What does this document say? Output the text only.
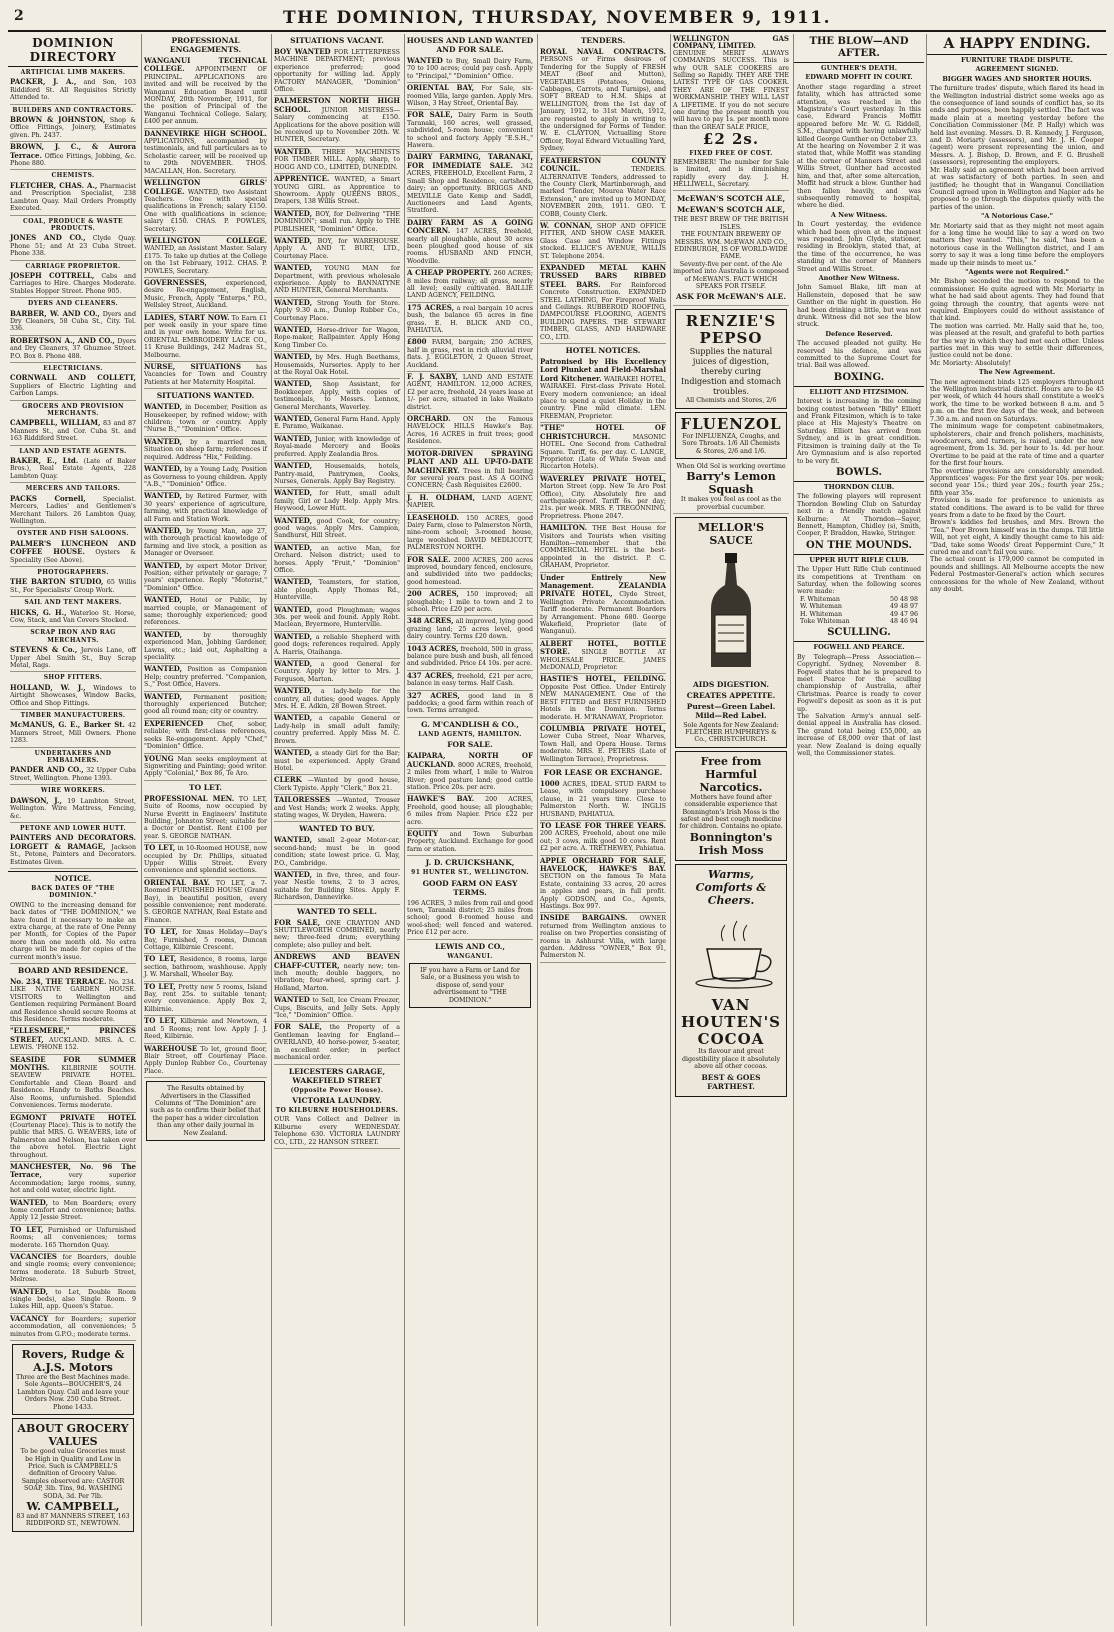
2	THE DOMINION, THURSDAY, NOVEMBER 9, 1911.
DOMINION DIRECTORY
ARTIFICIAL LIMB MAKERS.
PACKER, J. A., and Son, 103 Riddiford St. All Requisites Strictly Attended to.
BUILDERS AND CONTRACTORS.
BROWN & JOHNSTON, Shop & Office Fittings, Joinery, Estimates given. Ph. 2437.
BROWN, J. C., & Aurora Terrace. Office Fittings, Jobbing, &c. Phone 880.
CHEMISTS.
FLETCHER, CHAS. A., Pharmacist and Prescription Specialist, 238 Lambton Quay. Mail Orders Promptly Executed.
COAL, PRODUCE & WASTE PRODUCTS.
JONES AND CO., Clyde Quay. Phone 51; and At 23 Cuba Street. Phone 338.
CARRIAGE PROPRIETOR.
JOSEPH COTTRELL, Cabs and Carriages to Hire. Charges Moderate. Stables Hopper Street. Phone 905.
DYERS AND CLEANERS.
BARBER, W. AND CO., Dyers and Dry Cleaners, 58 Cuba St., City. Tel. 336.
ROBERTSON A., AND CO., Dyers and Dry Cleaners, 37 Ghuznee Street. P.O. Box 8. Phone 488.
ELECTRICIANS.
CORNWALL AND COLLETT, Suppliers of Electric Lighting and Carbon Lamps.
GROCERS AND PROVISION MERCHANTS.
CAMPBELL, WILLIAM, 83 and 87 Manners St., and Cor. Cuba St. and 163 Riddiford Street.
LAND AND ESTATE AGENTS.
BAKER, E., Ltd. (Late of Baker Bros.), Real Estate Agents, 228 Lambton Quay.
MERCERS AND TAILORS.
PACKS Cornell,	Specialist. Mercers, Ladies' and Gentlemen's Merchant Tailors. 26 Lambton Quay, Wellington.
OYSTER AND FISH SALOONS.
PALMER'S LUNCHEON AND COFFEE HOUSE. Oysters & Speciality (See Above).
PHOTOGRAPHERS.
THE BARTON STUDIO, 65 Willis St., For Specialists' Group Work.
SAIL AND TENT MAKERS.
HICKS, G. H., Waterloo St. Horse, Cow, Stack, and Van Covers Stocked.
SCRAP IRON AND RAG MERCHANTS.
STEVENS & Co., Jervois Lane, off Upper Abel Smith St., Buy Scrap Metal, Rags.
SHOP FITTERS.
HOLLAND, W. J., Windows to Airtight Showcases, Window Backs, Office and Shop Fittings.
TIMBER MANUFACTURERS.
McMANUS, G. E., Barker St. 42 Manners Street, Mill Owners. Phone 1283.
UNDERTAKERS AND EMBALMERS.
PANDER AND CO., 32 Upper Cuba Street, Wellington. Phone 1393.
WIRE WORKERS.
DAWSON, J., 19 Lambton Street, Wellington. Wire Mattress, Fencing, &c.
PETONE AND LOWER HUTT.
PAINTERS AND DECORATORS. LORGETT & RAMAGE, Jackson St., Petone, Painters and Decorators. Estimates Given.
NOTICE.
BACK DATES OF "THE DOMINION."
OWING to the increasing demand for back dates of "THE DOMINION," we have found it necessary to make an extra charge, at the rate of One Penny per Month, for Copies of the Paper more than one month old. No extra charge will be made for copies of the current month's issue.
BOARD AND RESIDENCE.
No. 234, THE TERRACE. No. 234. LIKE NATIVE GARDEN HOUSE. VISITORS to Wellington and Gentlemen requiring Permanent Board and Residence should secure Rooms at this Residence. Terms moderate.
"ELLESMERE," PRINCES STREET, AUCKLAND. MRS. A. C. LEWIS. 'PHONE 152.
SEASIDE FOR SUMMER MONTHS. KILBIRNIE SOUTH. SEAVIEW PRIVATE HOTEL. Comfortable and Clean Board and Residence. Handy to Baths Beaches. Also Rooms, unfurnished. Splendid Conveniences. Terms moderate.
EGMONT PRIVATE HOTEL (Courtenay Place). This is to notify the public that MRS. G. WEAVERS, late of Palmerston and Nelson, has taken over the above hotel. Electric Light throughout.
MANCHESTER, No. 96 The Terrace,	very superior Accommodation; large rooms, sunny, hot and cold water, electric light.
WANTED, to Men Boarders; every home comfort and convenience; baths. Apply 12 Jessie Street.
TO LET, Furnished or Unfurnished Rooms; all conveniences; terms moderate. 165 Thorndon Quay.
VACANCIES for Boarders, double and single rooms; every convenience; terms moderate. 18 Suburb Street, Melrose.
WANTED, to Let, Double Room (single beds), also Single Room. 9 Lukes Hill, app. Queen's Statue.
VACANCY for Boarders; superior accommodation, all conveniences; 5 minutes from G.P.O.; moderate terms.
Rovers, Rudge & A.J.S. Motors
Three are the Best Machines made. Sole Agents—BOUCHER'S, 24 Lambton Quay. Call and leave your Orders Now. 250 Cuba Street. Phone 1433.
ABOUT GROCERY VALUES
To be good value Groceries must be High in Quality and Low in Price. Such is CAMPBELL'S definition of Grocery Value. Samples observed are: CASTOR SOAP, 3lb. Tins, 9d. WASHING SODA, 3d. Per 7lb.
W. CAMPBELL,
83 and 87 MANNERS STREET, 163 RIDDIFORD ST., NEWTOWN.
PROFESSIONAL ENGAGEMENTS.
WANGANUI TECHNICAL COLLEGE. APPOINTMENT OF PRINCIPAL. APPLICATIONS are invited and will be received by the Wanganui Education Board until MONDAY, 20th November, 1911, for the position of Principal of the Wanganui Technical College. Salary, £400 per annum.
DANNEVIRKE HIGH SCHOOL. APPLICATIONS, accompanied by testimonials, and full particulars as to Scholastic career, will be received up to 29th NOVEMBER. THOS. MACALLAN, Hon. Secretary.
WELLINGTON GIRLS' COLLEGE. WANTED, two Assistant Teachers. One with special qualifications in French; salary £150. One with qualifications in science; salary £150. CHAS. P. POWLES, Secretary.
WELLINGTON COLLEGE. WANTED, an Assistant Master. Salary £175. To take up duties at the College on the 1st February, 1912. CHAS. P. POWLES, Secretary.
GOVERNESSES,	experienced, desire Re-engagement, English, Music, French, Apply "Enterps," P.O., Wellsley Street, Auckland.
LADIES, START NOW. To Earn £1 per week easily in your spare time and in your own home. Write for us. ORIENTAL EMBROIDERY LACE CO., 11 Kruse Buildings, 242 Madras St., Melbourne.
NURSE, SITUATIONS has Vacancies for Town and Country Patients at her Maternity Hospital.
SITUATIONS WANTED.
WANTED, in December, Position as Housekeeper, by refined widow; with children; town or country. Apply "Nurse B.," "Dominion" Office.
WANTED, by a married man, Situation on sheep farm; references if required. Address "Hix," Feilding.
WANTED, by a Young Lady, Position as Governess to young children. Apply "A.B.," "Dominion" Office.
WANTED, by Retired Farmer, with 30 years' experience of agriculture, farming, with practical knowledge of all Farm and Station Work.
WANTED, by Young Man, age 27, with thorough practical knowledge of farming and live stock, a position as Manager or Overseer.
WANTED, by expert Motor Driver, Position; either privately or garage; 7 years' experience. Reply "Motorist," "Dominion" Office.
WANTED, Hotel or Public, by married couple, or Management of same; thoroughly experienced; good references.
WANTED,	by thoroughly experienced Man, Jobbing Gardener, Lawns, etc.; laid out, Asphalting a speciality.
WANTED, Position as Companion Help; country preferred. "Companion, S.," Post Office, Havers.
WANTED, Permanent position; thoroughly experienced Butcher; good all round man; city or country.
EXPERIENCED Chef, sober, reliable; with first-class references, seeks Re-engagement. Apply "Chef," "Dominion" Office.
YOUNG Man seeks employment at Signwriting and Painting; good writer. Apply "Colonial," Box 86, Te Aro.
TO LET.
PROFESSIONAL MEN. TO LET, Suite of Rooms, now occupied by Nurse Everitt in Engineers' Institute Building, Johnston Street; suitable for a Doctor or Dentist. Rent £100 per year. S. GEORGE NATHAN.
TO LET, in 10-Roomed HOUSE, now occupied by Dr. Phillips, situated Upper Willis Street. Every convenience and splendid sections.
ORIENTAL BAY. TO LET, a 7-Roomed FURNISHED HOUSE (Grand Bay), in beautiful position, every possible convenience; rent moderate. S. GEORGE NATHAN, Real Estate and Finance.
TO LET, for Xmas Holiday—Day's Bay, Furnished, 5 rooms, Duncan Cottage, Kilbirnie Crescent.
TO LET, Residence, 8 rooms, large section, bathroom, washhouse. Apply J. W. Marshall, Wheeler Bay.
TO LET, Pretty new 5 rooms, Island Bay, rent 25s. to suitable tenant; every convenience. Apply Box 2, Kilbirnie.
TO LET, Kilbirnie and Newtown, 4 and 5 Rooms; rent low. Apply J. J. Reed, Kilbirnie.
WAREHOUSE To let, ground floor, Blair Street, off Courtenay Place. Apply Dunlop Rubber Co., Courtenay Place.
The Results obtained by Advertisers in the Classified Columns of "The Dominion" are such as to confirm their belief that the paper has a wider circulation than any other daily journal in New Zealand.
SITUATIONS VACANT.
BOY WANTED FOR LETTERPRESS MACHINE DEPARTMENT; previous experience preferred; good opportunity for willing lad. Apply FACTORY MANAGER, "Dominion" Office.
PALMERSTON NORTH HIGH SCHOOL. JUNIOR MISTRESS—Salary commencing at £150. Applications for the above position will be received up to November 20th. W. HUNTER, Secretary.
WANTED. THREE MACHINISTS FOR TIMBER MILL. Apply, sharp, to HOGG AND CO., LIMITED, DUNEDIN.
APPRENTICE. WANTED, a Smart YOUNG GIRL as Apprentice to Showroom. Apply QUEENS BROS., Drapers, 138 Willis Street.
WANTED, BOY, for Delivering "THE DOMINION"; small run. Apply to THE PUBLISHER, "Dominion" Office.
WANTED, BOY, for WAREHOUSE. Apply A. AND T. BURT, LTD., Courtenay Place.
WANTED, YOUNG MAN for Department, with previous wholesale experience. Apply to BANNATYNE AND HUNTER, General Merchants.
WANTED, Strong Youth for Store. Apply 9.30 a.m., Dunlop Rubber Co., Courtenay Place.
WANTED, Horse-driver for Wagon, Rope-maker, Rallpainter. Apply Hong Kong Timber Co.
WANTED, by Mrs. Hugh Beethams, Housemaids, Nurseries. Apply to her at the Royal Oak Hotel.
WANTED, Shop Assistant, for Bookkeeper. Apply, with copies of testimonials, to Messrs. Lennox, General Merchants, Waverley.
WANTED, General Farm Hand. Apply E. Paramo, Waikanae.
WANTED, Junior, with knowledge of Royal-made Mercery and Books preferred. Apply Zealandia Bros.
WANTED, Housemaids, hotels, Pantry-maid, Pantrymen, Cooks, Nurses, Generals. Apply Bay Registry.
WANTED, for Hutt, small adult family, Girl or Lady Help. Apply Mrs. Heywood, Lower Hutt.
WANTED, good Cook, for country; good wages. Apply Mrs. Campion, Sandhurst, Hill Street.
WANTED, an active Man, for Orchard. Nelson district; used to horses. Apply "Fruit," "Dominion" Office.
WANTED, Teamsters, for station, able plough. Apply Thomas Rd., Hunterville.
WANTED, good Ploughman; wages 30s. per week and found. Apply Robt. Maclean, Bryermore, Hunterville.
WANTED, a reliable Shepherd with good dogs; references required. Apply A. Harris, Otaihanga.
WANTED, a good General for Country. Apply by letter to Mrs. J. Ferguson, Marton.
WANTED, a lady-help for the country, all duties; good wages. Apply Mrs. H. E. Adkin, 28 Bowen Street.
WANTED, a capable General or Lady-help in small adult family; country preferred. Apply Miss M. C. Brown.
WANTED, a steady Girl for the Bar; must be experienced. Apply Grand Hotel.
CLERK —Wanted by good house, Clerk Typiste. Apply "Clerk," Box 21.
TAILORESSES —Wanted, Trouser and Vest Hands; work 2 weeks. Apply, stating wages, W. Dryden, Hawera.
WANTED TO BUY.
WANTED, small 2-gear Motor-car, second-hand; must be in good condition; state lowest price. G. May, P.O., Cambridge.
WANTED, in five, three, and four-year Nestle towns, 2 to 3 acres, suitable for Building Sites. Apply F. Richardson, Dannevirke.
WANTED TO SELL.
FOR SALE, ONE CRAYTON AND SHUTTLEWORTH COMBINED, nearly new; three-feed drum; everything complete; also pulley and belt.
ANDREWS AND BEAVEN CHAFF-CUTTER, nearly new; ten-inch mouth; double baggers, no vibration; four-wheel, spring cart. J. Holland, Marton.
WANTED to Sell, Ice Cream Freezer, Cups, Biscuits, and Jelly Sets. Apply "Ice," "Dominion" Office.
FOR SALE, the Property of a Gentleman leaving for England—OVERLAND, 40 horse-power, 5-seater, in excellent order; in perfect mechanical order.
LEICESTERS GARAGE, WAKEFIELD STREET
(Opposite Power House).
VICTORIA LAUNDRY.
TO KILBURNE HOUSEHOLDERS.
OUR Vans Collect and Deliver in Kilburne every WEDNESDAY. Telephone 630. VICTORIA LAUNDRY CO., LTD., 22 HANSON STREET.
HOUSES AND LAND WANTED AND FOR SALE.
WANTED to Buy, Small Dairy Farm, 70 to 100 acres; could pay cash. Apply to "Principal," "Dominion" Office.
ORIENTAL BAY, For Sale, six-roomed Villa, large garden. Apply Mrs. Wilson, 3 Hay Street, Oriental Bay.
FOR SALE, Dairy Farm in South Taranaki, 160 acres, well grassed, subdivided, 5-room house; convenient to school and factory. Apply "E.S.H.," Hawera.
DAIRY FARMING, TARANAKI, FOR IMMEDIATE SALE. 342 ACRES, FREEHOLD, Excellent Farm, 2 Small Shop and Residence, cartsheds, dairy; an opportunity. BRIGGS AND MELVILLE Gate Kemp and Saddl, Auctioneers and Land Agents, Stratford.
DAIRY FARM AS A GOING CONCERN. 147 ACRES, freehold, nearly all ploughable, about 30 acres been ploughed good house of six rooms. HUSBAND AND FINCH, Woodville.
A CHEAP PROPERTY. 260 ACRES; 8 miles from railway; all grass, nearly all level; easily cultivated. BAILLIE LAND AGENCY, FEILDING.
175 ACRES, a real bargain 10 acres bush, the balance 65 acres in fine grass. E. H. BLICK AND CO., PAHIATUA.
£800 FARM, bargain; 250 ACRES, half in grass, rest in rich alluvial river flats. J. EGGLETON, 2 Queen Street, Auckland.
F. J. SAXBY, LAND AND ESTATE AGENT, HAMILTON. 12,000 ACRES, £2 per acre, freehold, 24 years lease at 1/- per acre, situated in lake Waikato district.
ORCHARD. ON the Famous HAVELOCK HILLS Hawke's Bay. Acres, 16 ACRES in fruit trees; good Residence.
MOTOR-DRIVEN SPRAYING PLANT AND ALL UP-TO-DATE MACHINERY. Trees in full bearing for several years past. AS A GOING CONCERN; Cash Requisites £2600.
J. H. OLDHAM, LAND AGENT, NAPIER.
LEASEHOLD. 150 ACRES, good Dairy Farm, close to Palmerston North, nine-room school; 3-roomed house, large woolshed. DAVID MEDLICOTT, PALMERSTON NORTH.
FOR SALE. 2000 ACRES, 200 acres improved, boundary fenced, enclosure, and subdivided into two paddocks; good homestead.
200 ACRES, 150 improved; all ploughable; 1 mile to town and 2 to school. Price £20 per acre.
348 ACRES, all improved, lying good grazing land; 25 acres level, good dairy country. Terms £20 down.
1043 ACRES, freehold, 500 in grass, balance pure bush and bush, all fenced and subdivided. Price £4 10s. per acre.
437 ACRES, freehold, £21 per acre, balance in easy terms. Half Cash.
327 ACRES, good land in 8 paddocks; a good farm within reach of town. Terms arranged.
G. M'CANDLISH & CO.,
LAND AGENTS, HAMILTON.
FOR SALE.
KAIPARA, NORTH OF AUCKLAND. 8000 ACRES, freehold, 2 miles from wharf, 1 mile to Wairoa River; good pasture land; good cattle station. Price 20s. per acre.
HAWKE'S BAY. 200 ACRES, Freehold, good house; all ploughable; 6 miles from Napier. Price £22 per acre.
EQUITY and Town Suburban Property, Auckland. Exchange for good farm or station.
J. D. CRUICKSHANK,
91 HUNTER ST., WELLINGTON.
GOOD FARM ON EASY TERMS.
196 ACRES, 3 miles from rail and good town, Taranaki district; 25 miles from school; good 8-roomed house and wool-shed; well fenced and watered. Price £12 per acre.
LEWIS AND CO.,
WANGANUI.
IF you have a Farm or Land for Sale, or a Business you wish to dispose of, send your advertisement to "THE DOMINION."
TENDERS.
ROYAL NAVAL CONTRACTS. PERSONS or Firms desirous of Tendering for the Supply of FRESH MEAT (Beef and Mutton), VEGETABLES (Potatoes, Onions, Cabbages, Carrots, and Turnips), and SOFT BREAD to H.M. Ships at WELLINGTON, from the 1st day of January, 1912, to 31st March, 1912, are requested to apply in writing to the undersigned for Forms of Tender. W. E. CLAYTON, Victualling Store Officer, Royal Edward Victualling Yard, Sydney.
FEATHERSTON COUNTY COUNCIL.	TENDERS. ALTERNATIVE Tenders, addressed to the County Clerk, Martinborough, and marked "Tender, Mourea Water Race Extension," are invited up to MONDAY, NOVEMBER 20th, 1911. GEO. T. COBB, County Clerk.
W. CONNAN, SHOP AND OFFICE FITTER, AND SHOW CASE MAKER. Glass Case and Window Fittings stocked. ELLICE'S AVENUE, WILLIS ST. Telephone 2054.
EXPANDED METAL KAHN TRUSSED BARS RIBBED STEEL BARS. For Reinforced Concrete Construction. EXPANDED STEEL LATHING, For Fireproof Walls and Ceilings. RUBBEROID ROOFING, DAMPCOURSE FLOORING, AGENTS BUILDING PAPERS. THE STEWART TIMBER, GLASS, AND HARDWARE CO., LTD.
HOTEL NOTICES.
Patronised by His Excellency Lord Plunket and Field-Marshal Lord Kitchener. WAIRAKEI HOTEL, WAIRAKEI. First-class Private Hotel. Every modern convenience; an ideal place to spend a quiet Holiday in the country. Fine mild climate. LEN. FREEMAN, Proprietor.
"THE" HOTEL OF CHRISTCHURCH.	MASONIC HOTEL. One Second from Cathedral Square. Tariff, 6s. per day. C. LANGE, Proprietor. (Late of White Swan and Riccarton Hotels).
WAVERLEY PRIVATE HOTEL, Marton Street (opp. New Te Aro Post Office), City. Absolutely fire and earthquake-proof. Tariff 6s. per day; 21s. per week. MRS. F. TREGONNING, Proprietress. Phone 2047.
HAMILTON. THE Best House for Visitors and Tourists when visiting Hamilton—remember that the COMMERCIAL HOTEL is the best-appointed in the district. P. C. GRAHAM, Proprietor.
Under Entirely New Management. ZEALANDIA PRIVATE HOTEL, Clyde Street, Wellington Private Accommodation. Tariff moderate. Permanent Boarders by Arrangement. Phone 680. George Wakefield, Proprietor (late of Wanganui).
ALBERT HOTEL, BOTTLE STORE. SINGLE BOTTLE AT WHOLESALE PRICE. JAMES McDONALD, Proprietor.
HASTIE'S HOTEL, FEILDING. Opposite Post Office. Under Entirely NEW MANAGEMENT. One of the BEST FITTED and BEST FURNISHED Hotels in the Dominion. Terms moderate. H. M'RANAWAY, Proprietor.
COLUMBIA PRIVATE HOTEL, Lower Cuba Street, Near Wharves, Town Hall, and Opera House. Terms moderate. MRS. E. PETERS (Late of Wellington Terrace), Proprietress.
FOR LEASE OR EXCHANGE.
1000 ACRES, IDEAL STUD FARM to Lease, with compulsory purchase clause, in 21 years time. Close to Palmerston North. W. INGLIS HUSBAND, PAHIATUA.
TO LEASE FOR THREE YEARS. 200 ACRES, Freehold, about one mile out; 3 cows, milk good 10 cows. Rent £2 per acre. A. TRETHEWEY, Pahiatua.
APPLE ORCHARD FOR SALE, HAVELOCK, HAWKE'S BAY. SECTION on the famous Te Mata Estate, containing 33 acres, 20 acres in apples and pears, in full profit. Apply GODSON, and Co., Agents, Hastings. Box 997.
INSIDE BARGAINS. OWNER returned from Wellington anxious to realise on two Properties consisting of rooms in Ashhurst Villa, with large garden. Address "OWNER," Box 91, Palmerston N.
WELLINGTON GAS COMPANY, LIMITED.
GENUINE MERIT ALWAYS COMMANDS SUCCESS. This is why OUR SALE COOKERS are Selling so Rapidly. THEY ARE THE LATEST TYPE OF GAS COOKER. THEY ARE OF THE FINEST WORKMANSHIP. THEY WILL LAST A LIFETIME. If you do not secure one during the present month you will have to pay 1s. per month more than the GREAT SALE PRICE,
£2 2s.
FIXED FREE OF COST.
REMEMBER! The number for Sale is limited, and is diminishing rapidly every day. J. H. HELLIWELL, Secretary.
McEWAN'S SCOTCH ALE,
McEWAN'S SCOTCH ALE,
THE BEST BREW OF THE BRITISH ISLES.
THE FOUNTAIN BREWERY OF MESSRS. WM. McEWAN AND CO., EDINBURGH, IS OF WORLD-WIDE FAME.
Seventy-five per cent. of the Ale imported into Australia is composed of McEWAN'S. FACT WHICH SPEAKS FOR ITSELF.
ASK FOR McEWAN'S ALE.
RENZIE'S PEPSO
Supplies the natural juices of digestion, thereby curing Indigestion and stomach troubles.
All Chemists and Stores, 2/6
FLUENZOL
For INFLUENZA, Coughs, and Sore Throats. 1/6 All Chemists & Stores, 2/6 and 1/6.
When Old Sol is working overtime
Barry's Lemon Squash
It makes you feel as cool as the proverbial cucumber.
MELLOR'S SAUCE
AIDS DIGESTION.
CREATES APPETITE.
Purest—Green Label. Mild—Red Label.
Sole Agents for New Zealand: FLETCHER HUMPHREYS & Co., CHRISTCHURCH.
Free from Harmful Narcotics.
Mothers have found after considerable experience that Bonnington's Irish Moss is the safest and best cough medicine for children. Contains no opiate.
Bonnington's Irish Moss
Warms, Comforts & Cheers.
VAN HOUTEN'S COCOA
Its flavour and great digestibility place it absolutely above all other cocoas.
BEST & GOES FARTHEST.
THE BLOW—AND AFTER.
GUNTHER'S DEATH.
EDWARD MOFFIT IN COURT.

Another stage regarding a street fatality, which has attracted some attention, was reached in the Magistrate's Court yesterday. In this case, Edward Francis Moffitt appeared before Mr. W. G. Riddell, S.M., charged with having unlawfully killed George Gunther on October 23.

At the hearing on November 2 it was stated that, while Moffit was standing at the corner of Manners Street and Willis Street, Gunther had accosted him, and that, after some altercation, Moffit had struck a blow. Gunther had then fallen heavily, and was subsequently removed to hospital, where he died.

A New Witness.

In Court yesterday, the evidence which had been given at the inquest was repeated. John Clyde, stationer, residing in Brooklyn, stated that, at the time of the occurrence, he was standing at the corner of Manners Street and Willis Street.

Another New Witness.

John Samuel Blake, lift man at Hallenstein, deposed that he saw Gunther on the night in question. He had been drinking a little, but was not drunk. Witness did not see the blow struck.

Defence Reserved.

The accused pleaded not guilty. He reserved his defence, and was committed to the Supreme Court for trial. Bail was allowed.

BOXING.
ELLIOTT AND FITZSIMON.

Interest is increasing in the coming boxing contest between "Billy" Elliott and Frank Fitzsimon, which is to take place at His Majesty's Theatre on Saturday. Elliott has arrived from Sydney, and is in great condition. Fitzsimon is training daily at the Te Aro Gymnasium and is also reported to be very fit.

BOWLS.
THORNDON CLUB.

The following players will represent Thorndon Bowling Club on Saturday next in a friendly match against Kelburne: At Thorndon—Sayer, Bennett, Hampton, Chidley (s), Smith, Cooper, P. Braddon, Hawke, Stringer.

ON THE MOUNDS.
UPPER HUTT RIFLE CLUB.

The Upper Hutt Rifle Club continued its competitions at Trentham on Saturday, when the following scores were made:

F. Whiteman	50 48 98
W. Whiteman	49 48 97
H. Whiteman	49 47 96
Toke Whiteman	48 46 94
SCULLING.
FOGWELL AND PEARCE.

By Telegraph—Press Association—Copyright. Sydney, November 8. Fogwell states that he is prepared to meet Pearce for the sculling championship of Australia, after Christmas. Pearce is ready to cover Fogwell's deposit as soon as it is put up.

The Salvation Army's annual self-denial appeal in Australia has closed. The grand total being £55,000, an increase of £8,000 over that of last year. New Zealand is doing equally well, the Commissioner states.

A HAPPY ENDING.
FURNITURE TRADE DISPUTE.
AGREEMENT SIGNED.
BIGGER WAGES AND SHORTER HOURS.

The furniture trades' dispute, which flared its head in the Wellington industrial district some weeks ago as the consequence of land sounds of conflict has, so its ends and purposes, been happily settled. The fact was made plain at a meeting yesterday before the Conciliation Commissioner (Mr. P. Hally) which was held last evening. Messrs. D. R. Kennedy, J. Ferguson, and D. Moriarty (assessors), and Mr. J. H. Cooper (agent) were present representing the union, and Messrs. A. J. Bishop, D. Brown, and F. G. Brushell (assessors), representing the employers.

Mr. Hally said an agreement which had been arrived at was satisfactory of both parties. In seen and justified; he thought that in Wanganui Conciliation Council agreed upon in Wellington and Napier ads he proposed to go through the disputes quietly with the parties of the union.

"A Notorious Case."

Mr. Moriarty said that as they might not meet again for a long time he would like to say a word on two matters they wanted. "This," he said, "has been a notorious case in the Wellington district, and I am sorry to say it was a long time before the employers made up their minds to meet us."

"Agents were not Required."

Mr. Bishop seconded the motion to respond to the commissioner. He quite agreed with Mr. Moriarty in what he had said about agents. They had found that going through the country, that agents were not required. Employers could do without assistance of that kind.

The motion was carried. Mr. Hally said that he, too, was pleased at the result, and grateful to both parties for the way in which they had met each other. Unless parties met in this way to settle their differences, justice could not be done.

Mr. Moriarty: Absolutely!

The New Agreement.

The new agreement binds 125 employers throughout the Wellington industrial district. Hours are to be 45 per week, of which 44 hours shall constitute a week's work, the time to be worked between 8 a.m. and 5 p.m. on the first five days of the week, and between 7.30 a.m. and noon on Saturdays.

The minimum wage for competent cabinetmakers, upholsterers, chair and french polishers, machinists, woodcarvers, and turners, is raised, under the new agreement, from 1s. 3d. per hour to 1s. 4d. per hour. Overtime to be paid at the rate of time and a quarter for the first four hours.

The overtime provisions are considerably amended. Apprentices' wages: For the first year 10s. per week; second year 15s.; third year 20s.; fourth year 25s.; fifth year 35s.

Provision is made for preference to unionists as stated conditions. The award is to be valid for three years from a date to be fixed by the Court.

Brown's kiddies fed brushes, and Mrs. Brown the "Tea." Poor Brown himself was in the dumps. Till little Will, not yet eight, A kindly thought came to his aid: "Dad, take some Woods' Great Peppermint Cure," It cured me and can't fail you sure.

The actual count is 179,000 cannot be computed in pounds and shillings. All Melbourne accepts the new Federal Postmaster-General's action which secures concessions for the whole of New Zealand, without any doubt.
